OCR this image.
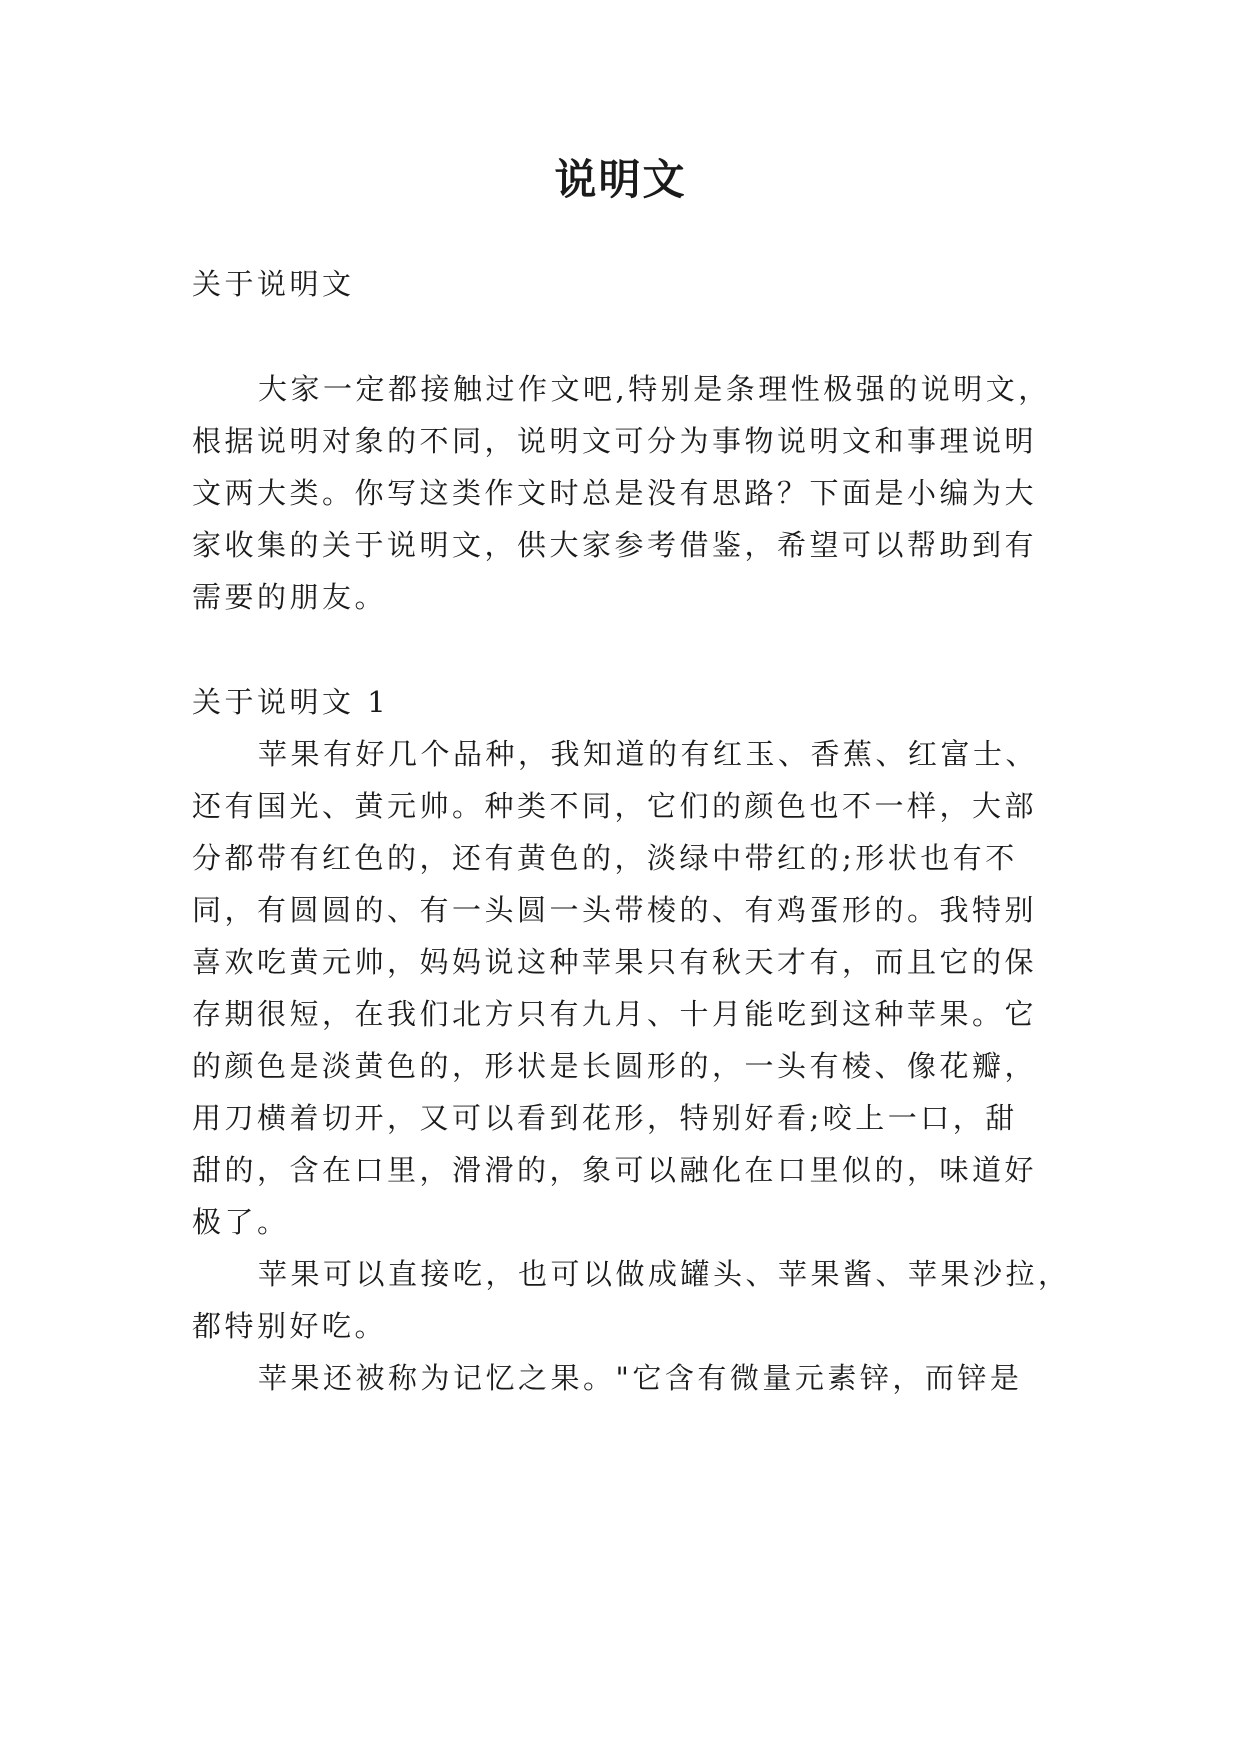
说明文

关于说明文

大家一定都接触过作文吧,特别是条理性极强的说明文，

根据说明对象的不同，说明文可分为事物说明文和事理说明

文两大类。你写这类作文时总是没有思路？下面是小编为大

家收集的关于说明文，供大家参考借鉴，希望可以帮助到有

需要的朋友。

关于说明文 1

苹果有好几个品种，我知道的有红玉、香蕉、红富士、

还有国光、黄元帅。种类不同，它们的颜色也不一样，大部

分都带有红色的，还有黄色的，淡绿中带红的;形状也有不

同，有圆圆的、有一头圆一头带棱的、有鸡蛋形的。我特别

喜欢吃黄元帅，妈妈说这种苹果只有秋天才有，而且它的保

存期很短，在我们北方只有九月、十月能吃到这种苹果。它

的颜色是淡黄色的，形状是长圆形的，一头有棱、像花瓣，

用刀横着切开，又可以看到花形，特别好看;咬上一口，甜

甜的，含在口里，滑滑的，象可以融化在口里似的，味道好

极了。

苹果可以直接吃，也可以做成罐头、苹果酱、苹果沙拉，

都特别好吃。

苹果还被称为记忆之果。"它含有微量元素锌，而锌是
